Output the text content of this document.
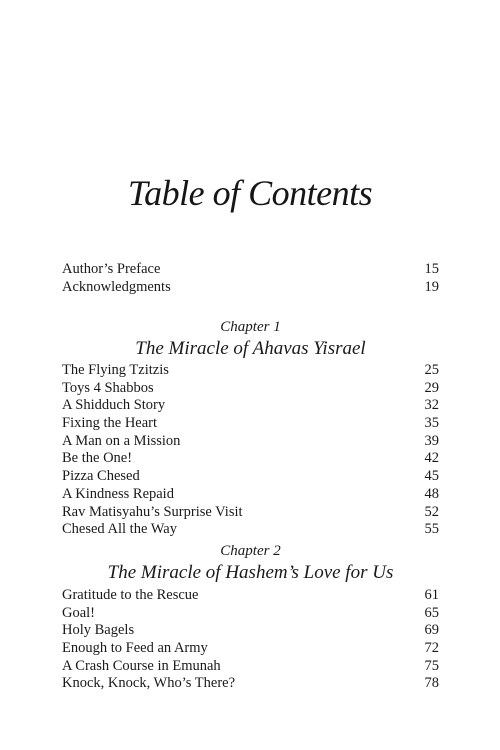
Table of Contents
Author’s Preface	15
Acknowledgments	19
Chapter 1
The Miracle of Ahavas Yisrael
The Flying Tzitzis	25
Toys 4 Shabbos	29
A Shidduch Story	32
Fixing the Heart	35
A Man on a Mission	39
Be the One!	42
Pizza Chesed	45
A Kindness Repaid	48
Rav Matisyahu’s Surprise Visit	52
Chesed All the Way	55
Chapter 2
The Miracle of Hashem’s Love for Us
Gratitude to the Rescue	61
Goal!	65
Holy Bagels	69
Enough to Feed an Army	72
A Crash Course in Emunah	75
Knock, Knock, Who’s There?	78
